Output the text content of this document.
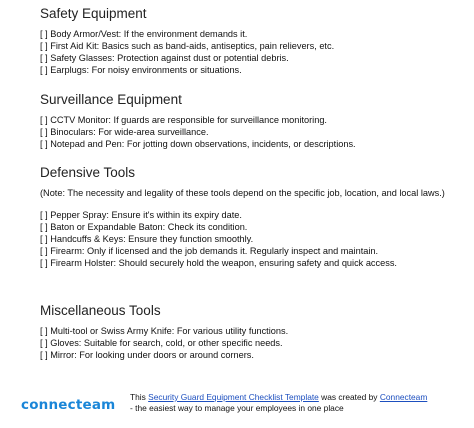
Safety Equipment
[ ] Body Armor/Vest: If the environment demands it.
[ ] First Aid Kit: Basics such as band-aids, antiseptics, pain relievers, etc.
[ ] Safety Glasses: Protection against dust or potential debris.
[ ] Earplugs: For noisy environments or situations.
Surveillance Equipment
[ ] CCTV Monitor: If guards are responsible for surveillance monitoring.
[ ] Binoculars: For wide-area surveillance.
[ ] Notepad and Pen: For jotting down observations, incidents, or descriptions.
Defensive Tools
(Note: The necessity and legality of these tools depend on the specific job, location, and local laws.)
[ ] Pepper Spray: Ensure it's within its expiry date.
[ ] Baton or Expandable Baton: Check its condition.
[ ] Handcuffs & Keys: Ensure they function smoothly.
[ ] Firearm: Only if licensed and the job demands it. Regularly inspect and maintain.
[ ] Firearm Holster: Should securely hold the weapon, ensuring safety and quick access.
Miscellaneous Tools
[ ] Multi-tool or Swiss Army Knife: For various utility functions.
[ ] Gloves: Suitable for search, cold, or other specific needs.
[ ] Mirror: For looking under doors or around corners.
connecteam This Security Guard Equipment Checklist Template was created by Connecteam
- the easiest way to manage your employees in one place
